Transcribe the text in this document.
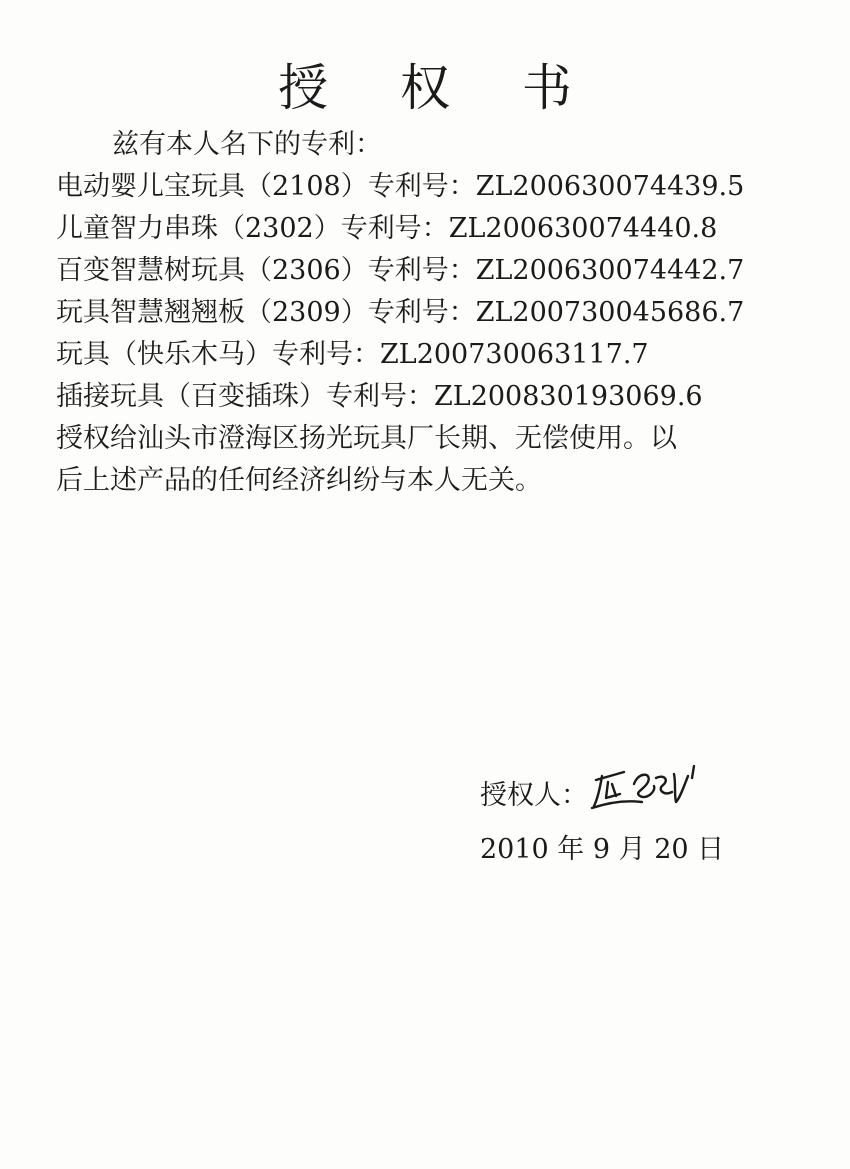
授 权 书
兹有本人名下的专利：
电动婴儿宝玩具（2108）专利号：ZL200630074439.5
儿童智力串珠（2302）专利号：ZL200630074440.8
百变智慧树玩具（2306）专利号：ZL200630074442.7
玩具智慧翘翘板（2309）专利号：ZL200730045686.7
玩具（快乐木马）专利号：ZL200730063117.7
插接玩具（百变插珠）专利号：ZL200830193069.6
授权给汕头市澄海区扬光玩具厂长期、无偿使用。以
后上述产品的任何经济纠纷与本人无关。
授权人：
2010 年 9 月 20 日
